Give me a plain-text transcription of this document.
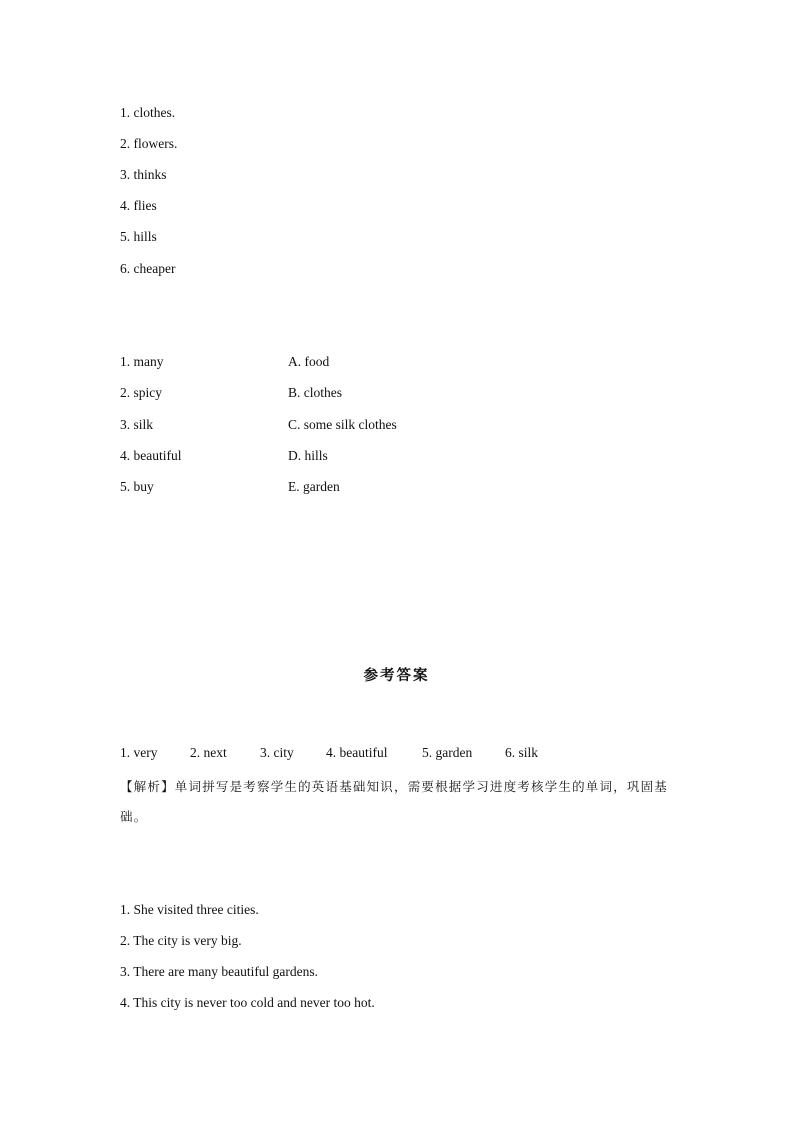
1. clothes.
2. flowers.
3. thinks
4. flies
5. hills
6. cheaper
1. many	A. food
2. spicy	B. clothes
3. silk	C. some silk clothes
4. beautiful	D. hills
5. buy	E. garden
参考答案
1. very 2. next 3. city 4. beautiful	5. garden 6. silk
【解析】单词拼写是考察学生的英语基础知识，需要根据学习进度考核学生的单词，巩固基础。
1. She visited three cities.
2. The city is very big.
3. There are many beautiful gardens.
4. This city is never too cold and never too hot.
